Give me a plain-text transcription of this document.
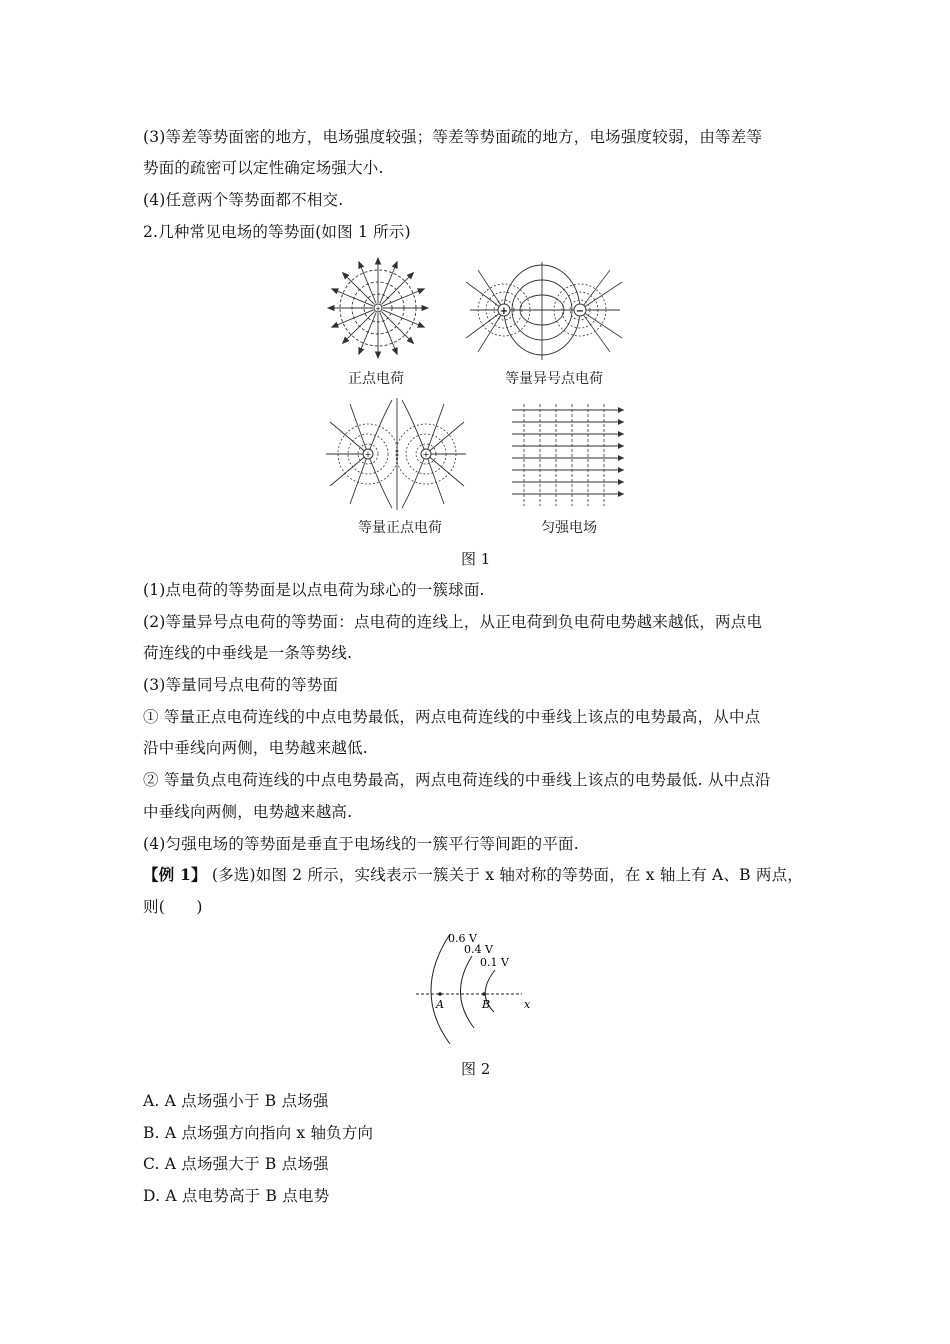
(3)等差等势面密的地方，电场强度较强；等差等势面疏的地方，电场强度较弱，由等差等
势面的疏密可以定性确定场强大小.
(4)任意两个等势面都不相交.
2.几种常见电场的等势面(如图 1 所示)
+
正点电荷
+	−
等量异号点电荷
+	+
等量正点电荷	匀强电场
图 1
(1)点电荷的等势面是以点电荷为球心的一簇球面.
(2)等量异号点电荷的等势面：点电荷的连线上，从正电荷到负电荷电势越来越低，两点电
荷连线的中垂线是一条等势线.
(3)等量同号点电荷的等势面
① 等量正点电荷连线的中点电势最低，两点电荷连线的中垂线上该点的电势最高，从中点
沿中垂线向两侧，电势越来越低.
② 等量负点电荷连线的中点电势最高，两点电荷连线的中垂线上该点的电势最低. 从中点沿
中垂线向两侧，电势越来越高.
(4)匀强电场的等势面是垂直于电场线的一簇平行等间距的平面.
【例 1】 (多选)如图 2 所示，实线表示一簇关于 x 轴对称的等势面，在 x 轴上有 A、B 两点，
则(　　)
0.6 V
0.4 V
0.1 V
A	B	x
图 2
A. A 点场强小于 B 点场强
B. A 点场强方向指向 x 轴负方向
C. A 点场强大于 B 点场强
D. A 点电势高于 B 点电势
